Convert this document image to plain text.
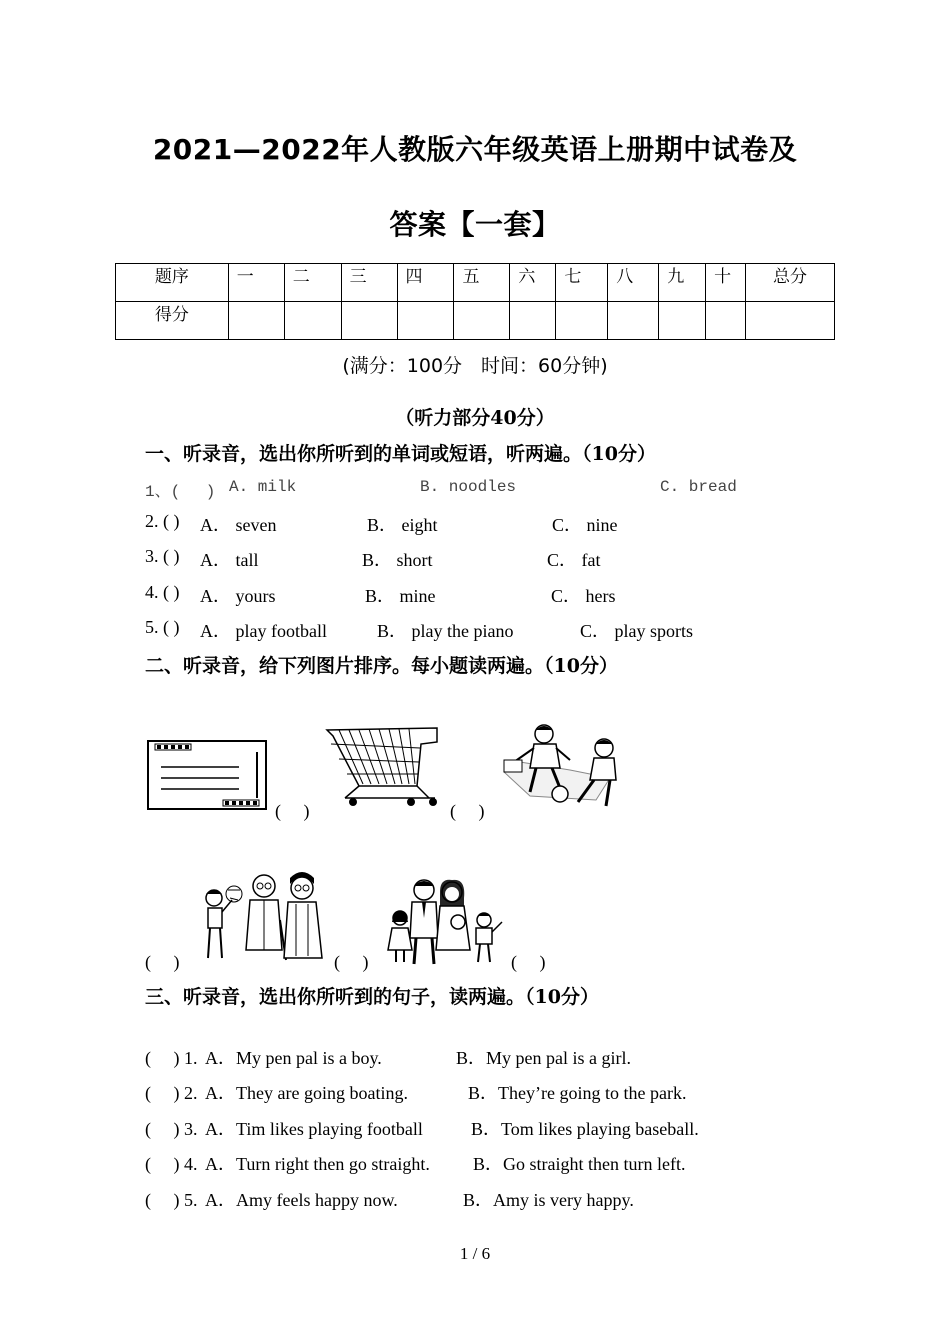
2021—2022年人教版六年级英语上册期中试卷及
答案【一套】
题序	一	二	三	四	五	六	七	八	九	十	总分
得分											
(满分：100分　时间：60分钟)
（听力部分40分）
一、听录音，选出你所听到的单词或短语，听两遍。（10分）
1、(　 ) A. milk	B. noodles	C. bread
2. ( ) A． seven	B． eight	C． nine
3. ( ) A． tall	B． short	C． fat
4. ( ) A． yours	B． mine	C． hers
5. ( ) A． play football	B． play the piano	C． play sports
二、听录音，给下列图片排序。每小题读两遍。（10分）
(　 )	(　 )
(　 )	(　 )	(　 )
三、听录音，选出你所听到的句子，读两遍。（10分）
(　 ) 1. A．My pen pal is a boy.	B．My pen pal is a girl.
(　 ) 2. A．They are going boating.	B．They’re going to the park.
(　 ) 3. A．Tim likes playing football	B．Tom likes playing baseball.
(　 ) 4. A．Turn right then go straight. B．Go straight then turn left.
(　 ) 5. A．Amy feels happy now.	B．Amy is very happy.
1 / 6
